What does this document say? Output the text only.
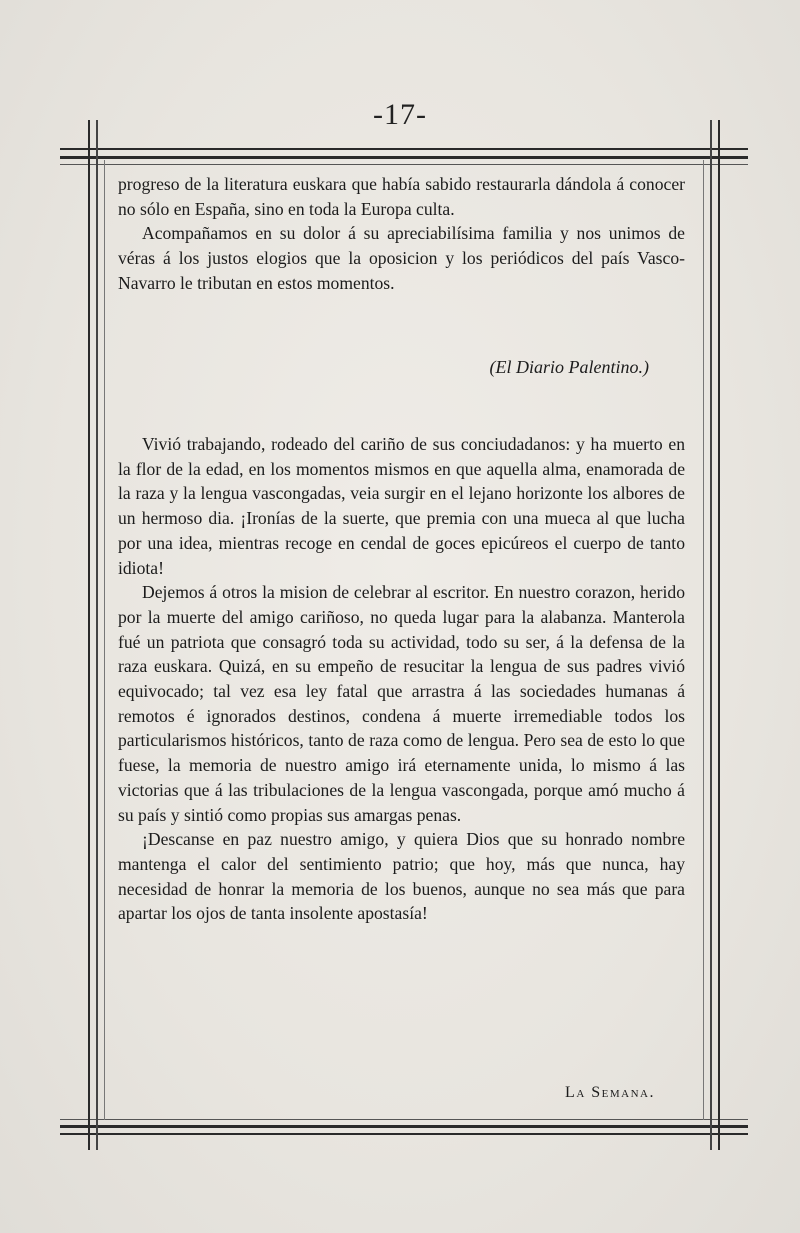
-17-

progreso de la literatura euskara que había sabido restaurarla dándola á conocer no sólo en España, sino en toda la Europa culta.

Acompañamos en su dolor á su apreciabilísima familia y nos unimos de véras á los justos elogios que la oposicion y los periódicos del país Vasco-Navarro le tributan en estos momentos.

(El Diario Palentino.)

Vivió trabajando, rodeado del cariño de sus conciudadanos: y ha muerto en la flor de la edad, en los momentos mismos en que aquella alma, enamorada de la raza y la lengua vascongadas, veia surgir en el lejano horizonte los albores de un hermoso dia. ¡Ironías de la suerte, que premia con una mueca al que lucha por una idea, mientras recoge en cendal de goces epicúreos el cuerpo de tanto idiota!

Dejemos á otros la mision de celebrar al escritor. En nuestro corazon, herido por la muerte del amigo cariñoso, no queda lugar para la alabanza. Manterola fué un patriota que consagró toda su actividad, todo su ser, á la defensa de la raza euskara. Quizá, en su empeño de resucitar la lengua de sus padres vivió equivocado; tal vez esa ley fatal que arrastra á las sociedades humanas á remotos é ignorados destinos, condena á muerte irremediable todos los particularismos históricos, tanto de raza como de lengua. Pero sea de esto lo que fuese, la memoria de nuestro amigo irá eternamente unida, lo mismo á las victorias que á las tribulaciones de la lengua vascongada, porque amó mucho á su país y sintió como propias sus amargas penas.

¡Descanse en paz nuestro amigo, y quiera Dios que su honrado nombre mantenga el calor del sentimiento patrio; que hoy, más que nunca, hay necesidad de honrar la memoria de los buenos, aunque no sea más que para apartar los ojos de tanta insolente apostasía!

La Semana.
